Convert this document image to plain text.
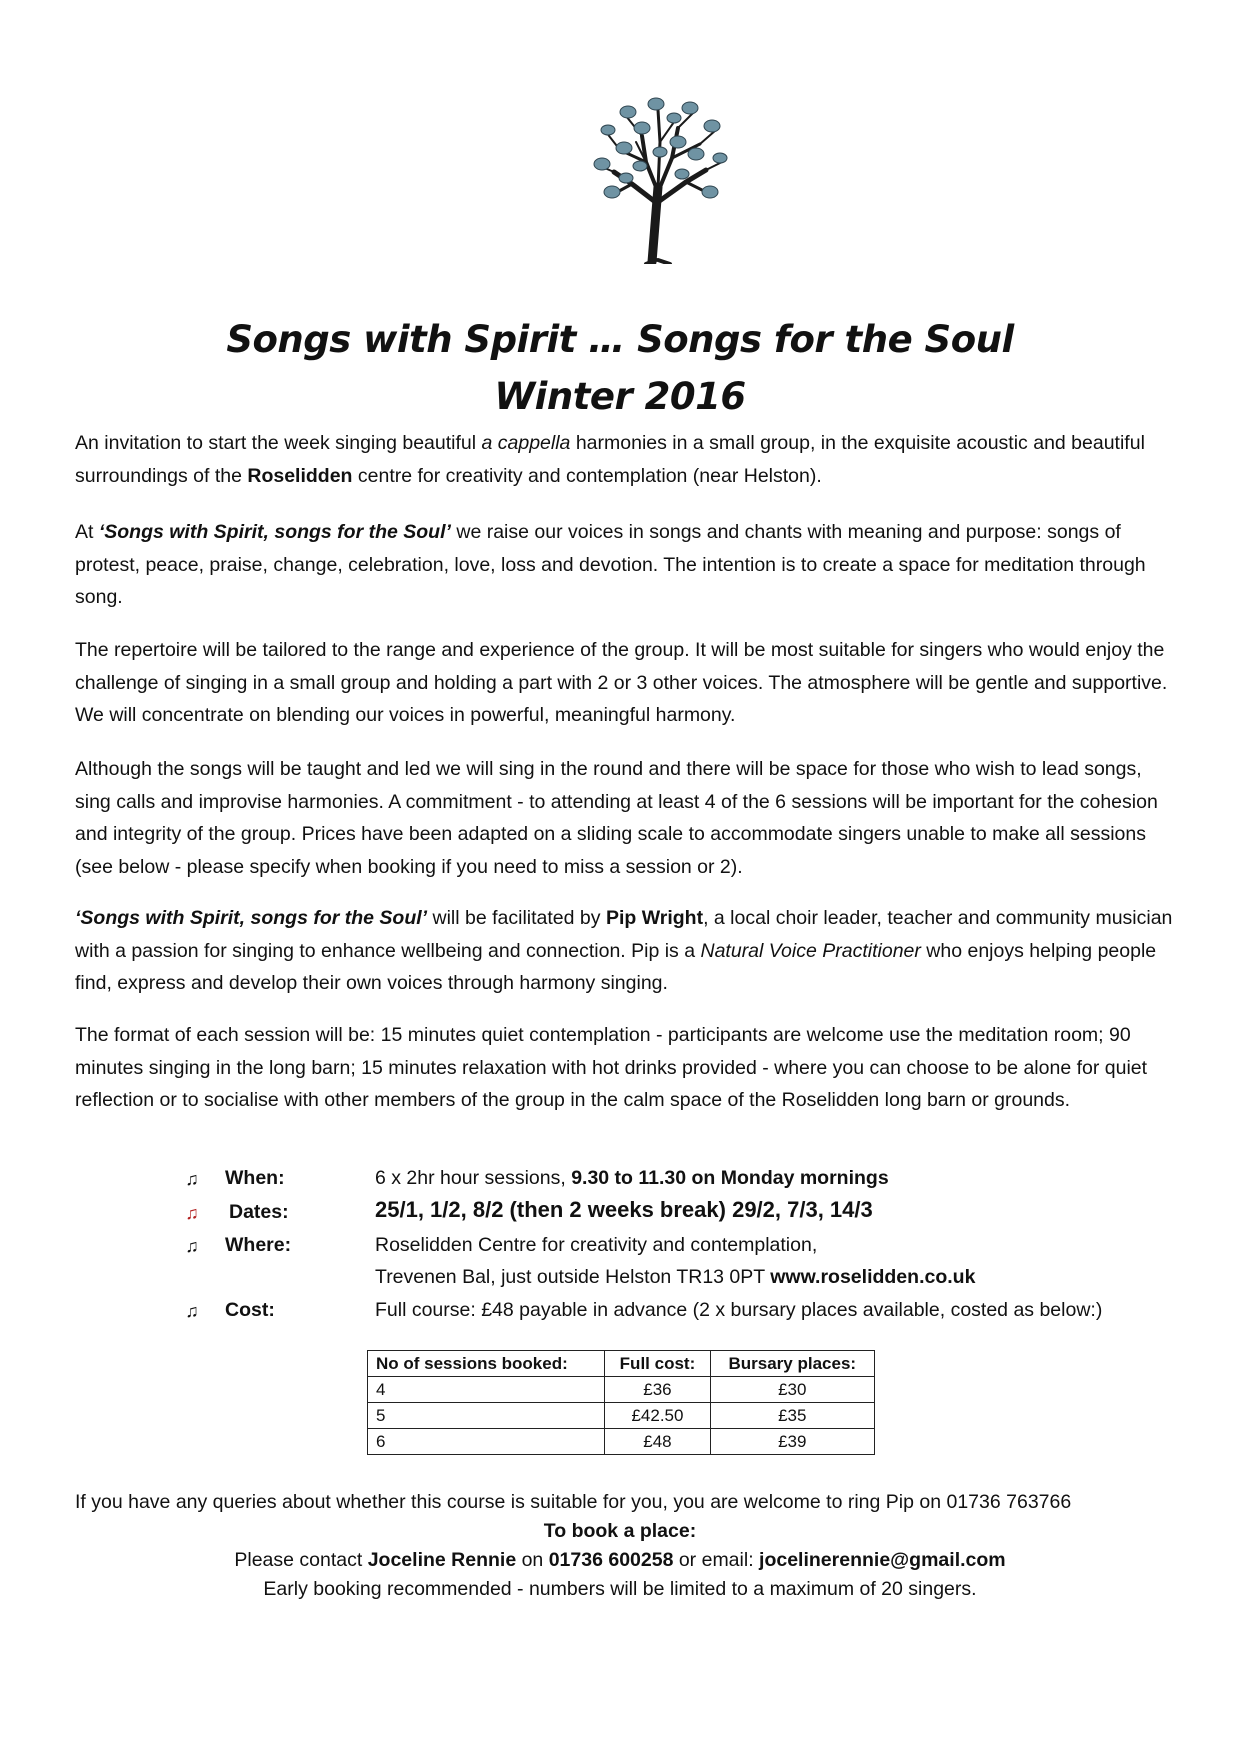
Songs with Spirit … Songs for the Soul
Winter 2016

An invitation to start the week singing beautiful a cappella harmonies in a small group, in the exquisite acoustic and beautiful surroundings of the Roselidden centre for creativity and contemplation (near Helston).

At ‘Songs with Spirit, songs for the Soul’ we raise our voices in songs and chants with meaning and purpose: songs of protest, peace, praise, change, celebration, love, loss and devotion. The intention is to create a space for meditation through song.

The repertoire will be tailored to the range and experience of the group. It will be most suitable for singers who would enjoy the challenge of singing in a small group and holding a part with 2 or 3 other voices. The atmosphere will be gentle and supportive. We will concentrate on blending our voices in powerful, meaningful harmony.

Although the songs will be taught and led we will sing in the round and there will be space for those who wish to lead songs, sing calls and improvise harmonies. A commitment - to attending at least 4 of the 6 sessions will be important for the cohesion and integrity of the group. Prices have been adapted on a sliding scale to accommodate singers unable to make all sessions (see below - please specify when booking if you need to miss a session or 2).

‘Songs with Spirit, songs for the Soul’ will be facilitated by Pip Wright, a local choir leader, teacher and community musician with a passion for singing to enhance wellbeing and connection. Pip is a Natural Voice Practitioner who enjoys helping people find, express and develop their own voices through harmony singing.

The format of each session will be: 15 minutes quiet contemplation - participants are welcome use the meditation room; 90 minutes singing in the long barn; 15 minutes relaxation with hot drinks provided - where you can choose to be alone for quiet reflection or to socialise with other members of the group in the calm space of the Roselidden long barn or grounds.

♫ When:	6 x 2hr hour sessions, 9.30 to 11.30 on Monday mornings
♫ Dates:	25/1, 1/2, 8/2 (then 2 weeks break) 29/2, 7/3, 14/3
♫ Where:	Roselidden Centre for creativity and contemplation,
Trevenen Bal, just outside Helston TR13 0PT www.roselidden.co.uk
♫ Cost:	Full course: £48 payable in advance (2 x bursary places available, costed as below:)
No of sessions booked:	Full cost:	Bursary places:
4	£36	£30
5	£42.50	£35
6	£48	£39
If you have any queries about whether this course is suitable for you, you are welcome to ring Pip on 01736 763766
To book a place:
Please contact Joceline Rennie on 01736 600258 or email: jocelinerennie@gmail.com
Early booking recommended - numbers will be limited to a maximum of 20 singers.
